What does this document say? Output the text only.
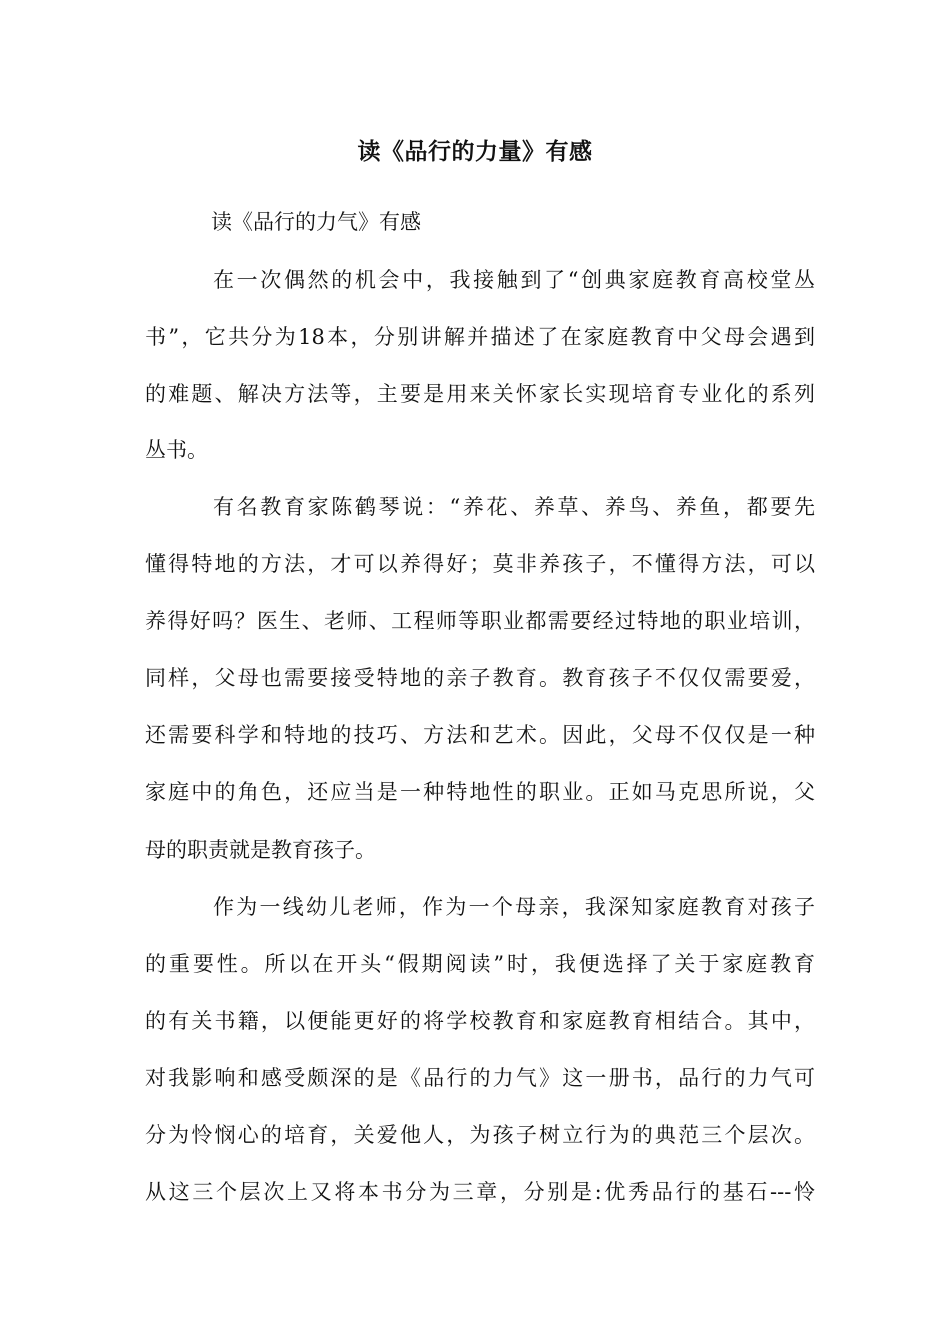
读《品行的力量》有感

读《品行的力气》有感

在一次偶然的机会中，我接触到了“创典家庭教育高校堂丛

书”，它共分为18本，分别讲解并描述了在家庭教育中父母会遇到

的难题、解决方法等，主要是用来关怀家长实现培育专业化的系列

丛书。

有名教育家陈鹤琴说：“养花、养草、养鸟、养鱼，都要先

懂得特地的方法，才可以养得好；莫非养孩子，不懂得方法，可以

养得好吗？医生、老师、工程师等职业都需要经过特地的职业培训，

同样，父母也需要接受特地的亲子教育。教育孩子不仅仅需要爱，

还需要科学和特地的技巧、方法和艺术。因此，父母不仅仅是一种

家庭中的角色，还应当是一种特地性的职业。正如马克思所说，父

母的职责就是教育孩子。

作为一线幼儿老师，作为一个母亲，我深知家庭教育对孩子

的重要性。所以在开头“假期阅读”时，我便选择了关于家庭教育

的有关书籍，以便能更好的将学校教育和家庭教育相结合。其中，

对我影响和感受颇深的是《品行的力气》这一册书，品行的力气可

分为怜悯心的培育，关爱他人，为孩子树立行为的典范三个层次。

从这三个层次上又将本书分为三章，分别是:优秀品行的基石---怜
